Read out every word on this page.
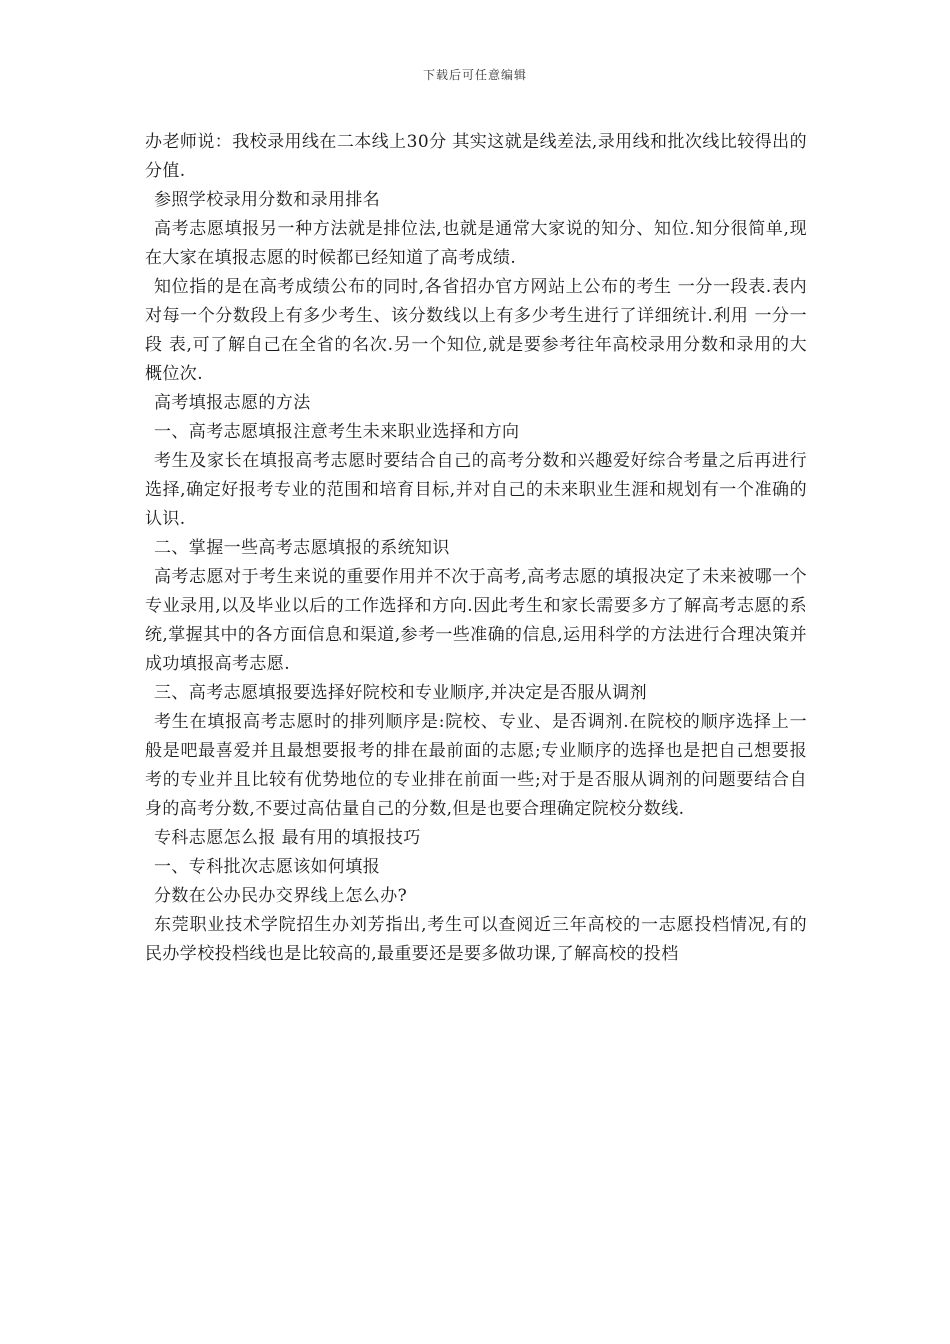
下载后可任意编辑

办老师说：我校录用线在二本线上30分 其实这就是线差法,录用线和批次线比较得出的分值.

参照学校录用分数和录用排名

高考志愿填报另一种方法就是排位法,也就是通常大家说的知分、知位.知分很简单,现在大家在填报志愿的时候都已经知道了高考成绩.

知位指的是在高考成绩公布的同时,各省招办官方网站上公布的考生 一分一段表.表内对每一个分数段上有多少考生、该分数线以上有多少考生进行了详细统计.利用 一分一段 表,可了解自己在全省的名次.另一个知位,就是要参考往年高校录用分数和录用的大概位次.

高考填报志愿的方法

一、高考志愿填报注意考生未来职业选择和方向

考生及家长在填报高考志愿时要结合自己的高考分数和兴趣爱好综合考量之后再进行选择,确定好报考专业的范围和培育目标,并对自己的未来职业生涯和规划有一个准确的认识.

二、掌握一些高考志愿填报的系统知识

高考志愿对于考生来说的重要作用并不次于高考,高考志愿的填报决定了未来被哪一个专业录用,以及毕业以后的工作选择和方向.因此考生和家长需要多方了解高考志愿的系统,掌握其中的各方面信息和渠道,参考一些准确的信息,运用科学的方法进行合理决策并成功填报高考志愿.

三、高考志愿填报要选择好院校和专业顺序,并决定是否服从调剂

考生在填报高考志愿时的排列顺序是:院校、专业、是否调剂.在院校的顺序选择上一般是吧最喜爱并且最想要报考的排在最前面的志愿;专业顺序的选择也是把自己想要报考的专业并且比较有优势地位的专业排在前面一些;对于是否服从调剂的问题要结合自身的高考分数,不要过高估量自己的分数,但是也要合理确定院校分数线.

专科志愿怎么报 最有用的填报技巧

一、专科批次志愿该如何填报

分数在公办民办交界线上怎么办?

东莞职业技术学院招生办刘芳指出,考生可以查阅近三年高校的一志愿投档情况,有的民办学校投档线也是比较高的,最重要还是要多做功课,了解高校的投档
